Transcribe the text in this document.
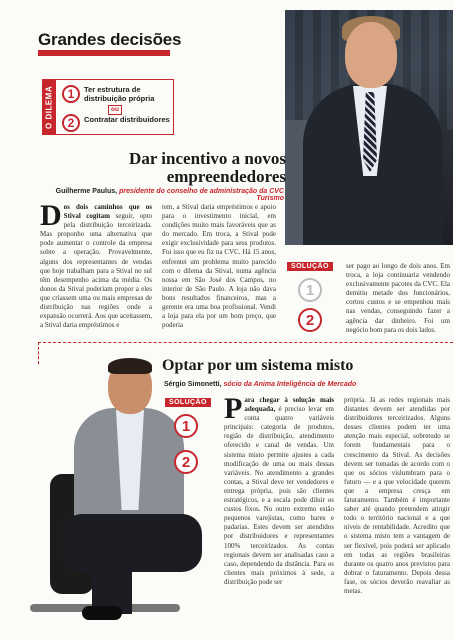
Grandes decisões
O DILEMA	1	Ter estrutura de distribuição própria
ou
2	Contratar distribuidores
Dar incentivo a novos empreendedores
Guilherme Paulus, presidente do conselho de administração da CVC Turismo
D os dois caminhos que os Stival cogitam seguir, opto pela distribuição terceirizada. Mas proponho uma alternativa que pode aumentar o controle da empresa sobre a operação. Provavelmente, alguns dos representantes de vendas que hoje trabalham para a Stival no sul têm desempenho acima da média. Os donos da Stival poderiam propor a eles que criassem uma ou mais empresas de distribuição nas regiões onde a expansão ocorrerá. Aos que aceitassem, a Stival daria empréstimos e
tem, a Stival daria empréstimos e apoio para o investimento inicial, em condições muito mais favoráveis que as do mercado. Em troca, a Stival pode exigir exclusividade para seus produtos. Foi isso que eu fiz na CVC. Há 15 anos, enfrentei um problema muito parecido com o dilema da Stival, numa agência nossa em São José dos Campos, no interior de São Paulo. A loja não dava bons resultados financeiros, mas a gerente era uma boa profissional. Vendi a loja para ela por um bom preço, que poderia
ser pago ao longo de dois anos. Em troca, a loja continuaria vendendo exclusivamente pacotes da CVC. Ela demitiu metade dos funcionários, cortou custos e se empenhou mais nas vendas, conseguindo fazer a agência dar dinheiro. Foi um negócio bom para os dois lados.
SOLUÇÃO
1
2
Optar por um sistema misto
Sérgio Simonetti, sócio da Anima Inteligência de Mercado
SOLUÇÃO
1
2
P ara chegar à solução mais adequada, é preciso levar em conta quatro variáveis principais: categoria de produtos, região de distribuição, atendimento oferecido e canal de vendas. Um sistema misto permite ajustes a cada modificação de uma ou mais dessas variáveis. No atendimento a grandes contas, a Stival deve ter vendedores e entrega própria, pois são clientes estratégicos, e a escala pode diluir os custos fixos. No outro extremo estão pequenos varejistas, como bares e padarias. Estes devem ser atendidos por distribuidores e representantes 100% terceirizados. As contas regionais devem ser analisadas caso a caso, dependendo da distância. Para os clientes mais próximos à sede, a distribuição pode ser
própria. Já as redes regionais mais distantes devem ser atendidas por distribuidores terceirizados. Alguns desses clientes podem ter uma atenção mais especial, sobretudo se forem fundamentais para o crescimento da Stival. As decisões devem ser tomadas de acordo com o que os sócios vislumbram para o futuro — e a que velocidade querem que a empresa cresça em faturamento. Também é importante saber até quando pretendem atingir todo o território nacional e a que níveis de rentabilidade. Acredito que o sistema misto tem a vantagem de ser flexível, pois poderá ser aplicado em todas as regiões brasileiras durante os quatro anos previstos para dobrar o faturamento. Depois dessa fase, os sócios deverão reavaliar as metas.
